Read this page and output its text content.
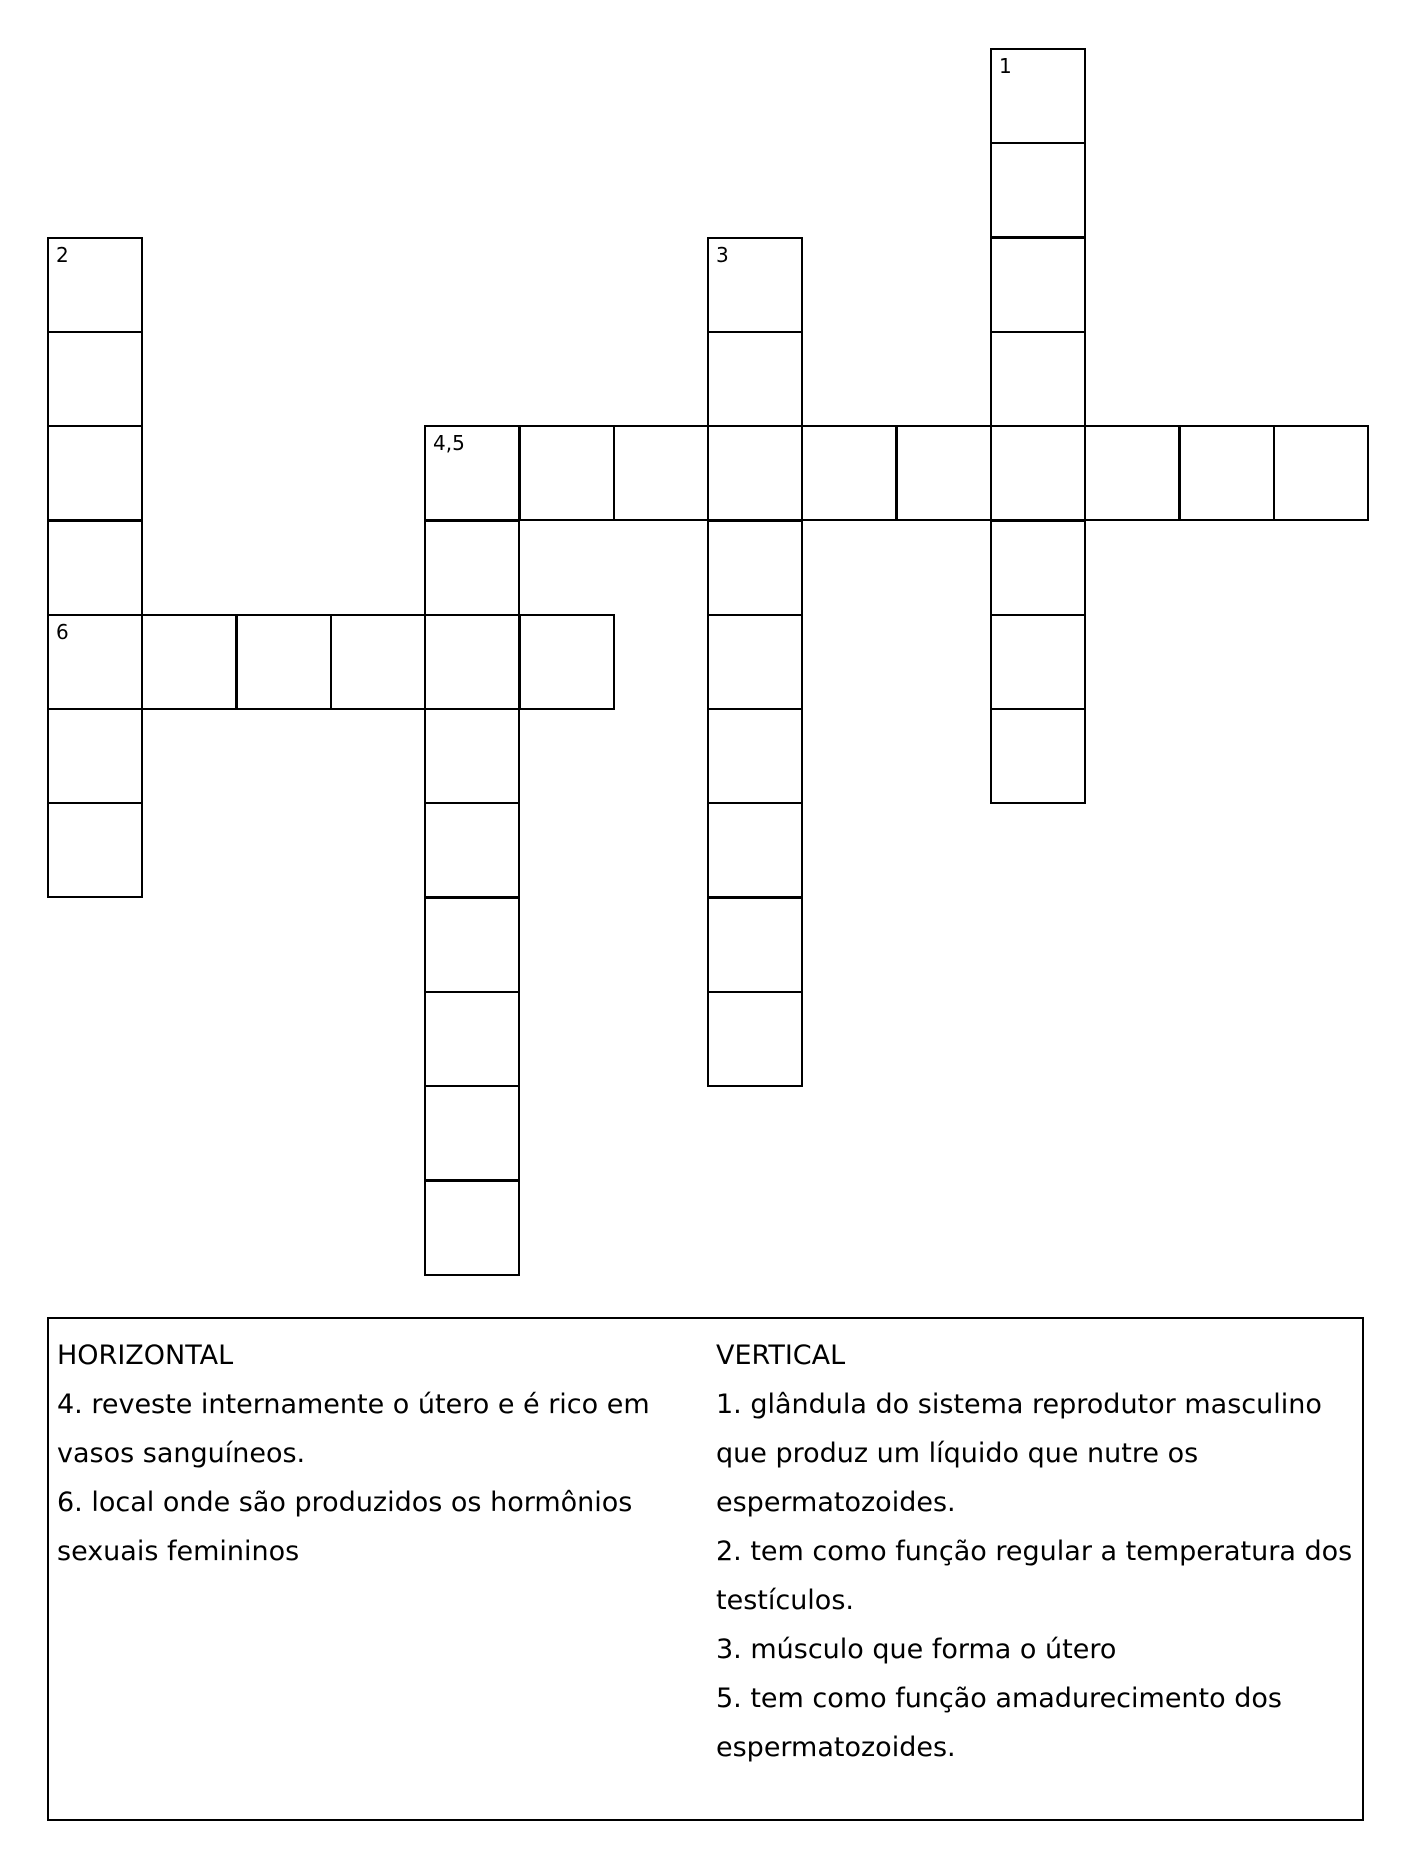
1
2	3
4,5
6
HORIZONTAL
4. reveste internamente o útero e é rico em
vasos sanguíneos.
6. local onde são produzidos os hormônios
sexuais femininos
VERTICAL
1. glândula do sistema reprodutor masculino
que produz um líquido que nutre os
espermatozoides.
2. tem como função regular a temperatura dos
testículos.
3. músculo que forma o útero
5. tem como função amadurecimento dos
espermatozoides.
